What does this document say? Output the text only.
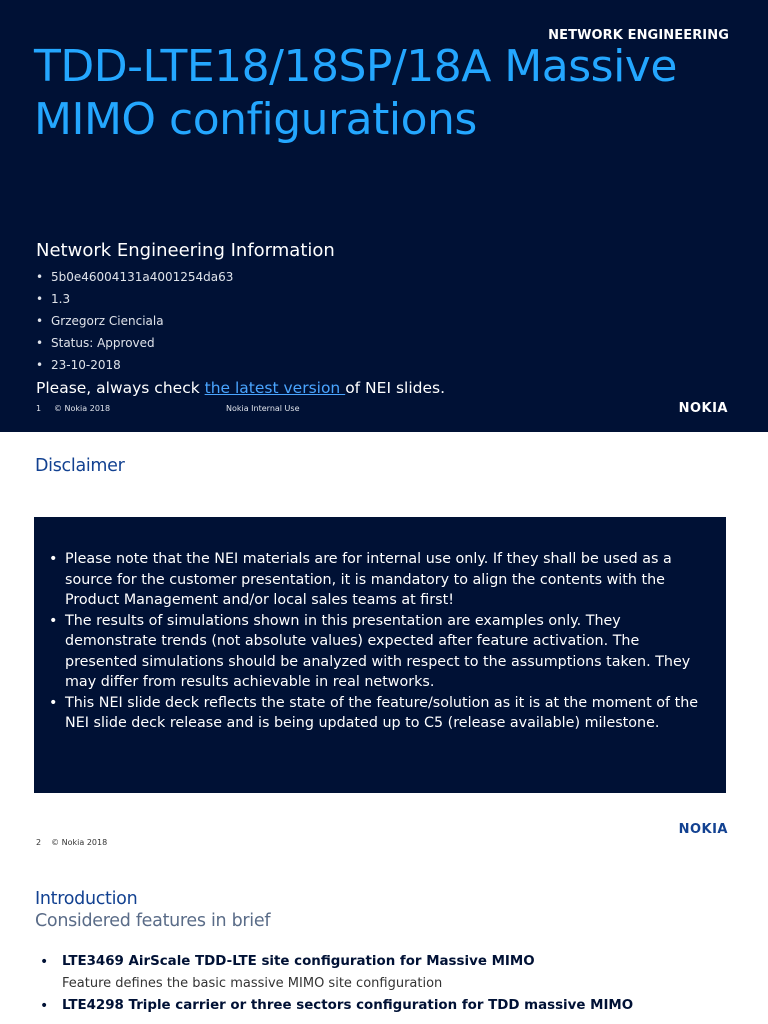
NETWORK ENGINEERING
TDD-LTE18/18SP/18A Massive MIMO configurations
Network Engineering Information
• 5b0e46004131a4001254da63
• 1.3
• Grzegorz Cienciala
• Status: Approved
• 23-10-2018
Please, always check the latest version of NEI slides.
1 © Nokia 2018	Nokia Internal Use	NOKIA
Disclaimer
• Please note that the NEI materials are for internal use only. If they shall be used as a source for the customer presentation, it is mandatory to align the contents with the Product Management and/or local sales teams at first!
• The results of simulations shown in this presentation are examples only. They demonstrate trends (not absolute values) expected after feature activation. The presented simulations should be analyzed with respect to the assumptions taken. They may differ from results achievable in real networks.
• This NEI slide deck reflects the state of the feature/solution as it is at the moment of the NEI slide deck release and is being updated up to C5 (release available) milestone.
2 © Nokia 2018
NOKIA
Introduction
Considered features in brief
• LTE3469 AirScale TDD-LTE site configuration for Massive MIMO
Feature defines the basic massive MIMO site configuration
• LTE4298 Triple carrier or three sectors configuration for TDD massive MIMO
